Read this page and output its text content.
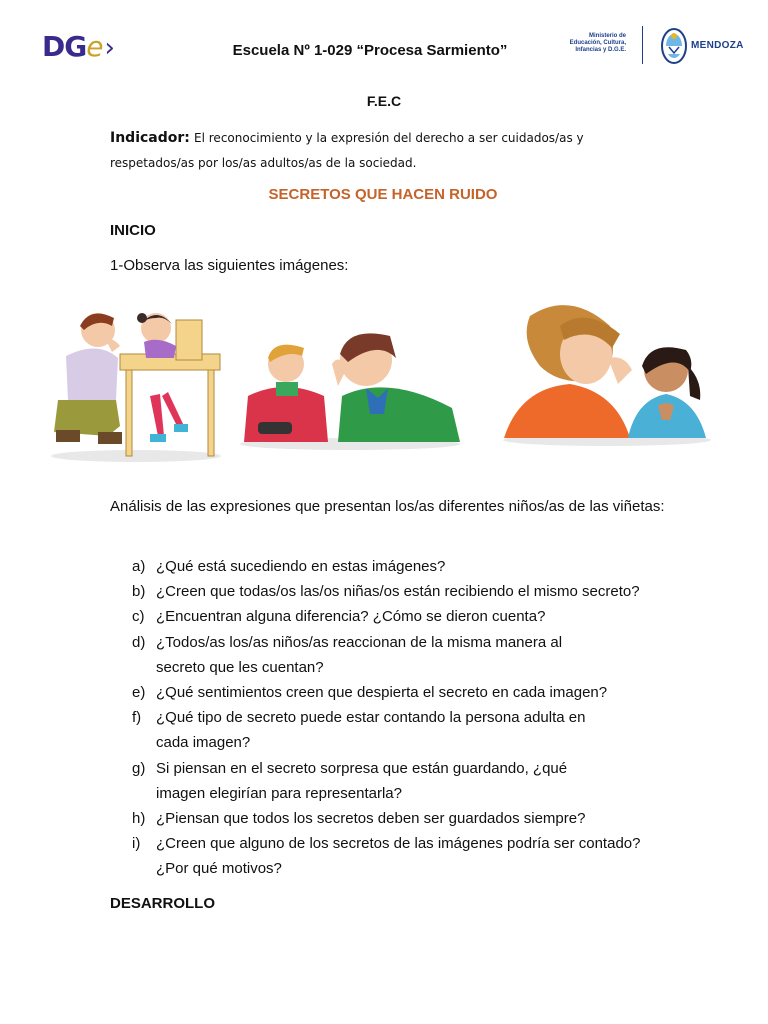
DGe›	Escuela Nº 1-029 “Procesa Sarmiento”
Ministerio de
Educación, Cultura,
Infancias y D.G.E.	MENDOZA
F.E.C
Indicador: El reconocimiento y la expresión del derecho a ser cuidados/as y respetados/as por los/as adultos/as de la sociedad.
SECRETOS QUE HACEN RUIDO
INICIO
1-Observa las siguientes imágenes:
Análisis de las expresiones que presentan los/as diferentes niños/as de las viñetas:
a) ¿Qué está sucediendo en estas imágenes?
b) ¿Creen que todas/os las/os niñas/os están recibiendo el mismo secreto?
c) ¿Encuentran alguna diferencia? ¿Cómo se dieron cuenta?
d) ¿Todos/as los/as niños/as reaccionan de la misma manera al secreto que les cuentan?
e) ¿Qué sentimientos creen que despierta el secreto en cada imagen?
f) ¿Qué tipo de secreto puede estar contando la persona adulta en cada imagen?
g) Si piensan en el secreto sorpresa que están guardando, ¿qué imagen elegirían para representarla?
h) ¿Piensan que todos los secretos deben ser guardados siempre?
i) ¿Creen que alguno de los secretos de las imágenes podría ser contado? ¿Por qué motivos?
DESARROLLO
